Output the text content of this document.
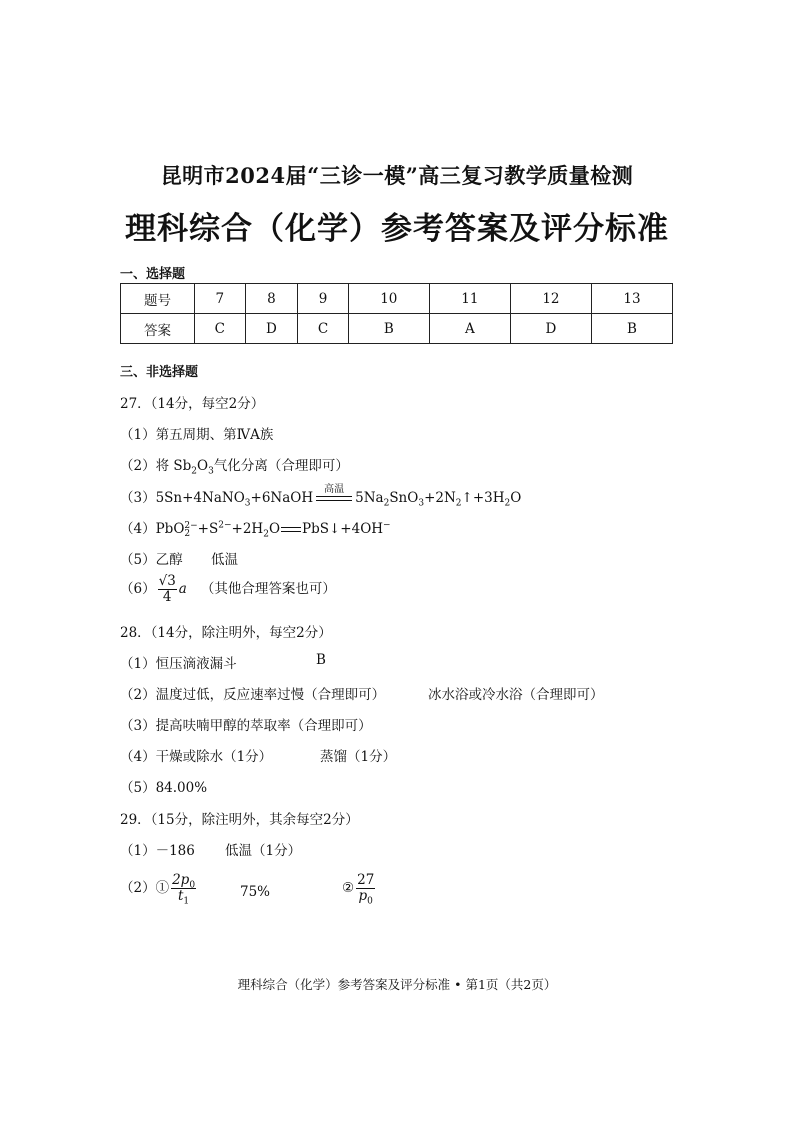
昆明市2024届“三诊一模”高三复习教学质量检测
理科综合（化学）参考答案及评分标准
一、选择题
题号	7	8	9	10	11	12	13
答案	C	D	C	B	A	D	B
三、非选择题
27．（14分，每空2分）
（1）第五周期、第ⅣA族
（2）将 $Sb_2O_3$气化分离（合理即可）
（3）5Sn+4NaNO$_3$+6NaOH
高温
$5Na_2SnO_3+2N_2↑+3H_2O$
（4）PbO 2−
$2 +S^{2-}+2H_2O$ PbS↓+4OH−
（5）乙醇 低温
$(6) \frac{√3}{4}$ a （其他合理答案也可）
28．（14分，除注明外，每空2分）
（1）恒压滴液漏斗	B
（2）温度过低，反应速率过慢（合理即可）	冰水浴或冷水浴（合理即可）
（3）提高呋喃甲醇的萃取率（合理即可）
（4）干燥或除水（1分）	蒸馏（1分）
（5）84.00%
29．（15分，除注明外，其余每空2分）
（1）－186 低温（1分）
（2）① $\frac{2p_0}{t_1}$	75%	② $\frac{27}{p_0}$
理科综合（化学）参考答案及评分标准 • 第1页（共2页）
